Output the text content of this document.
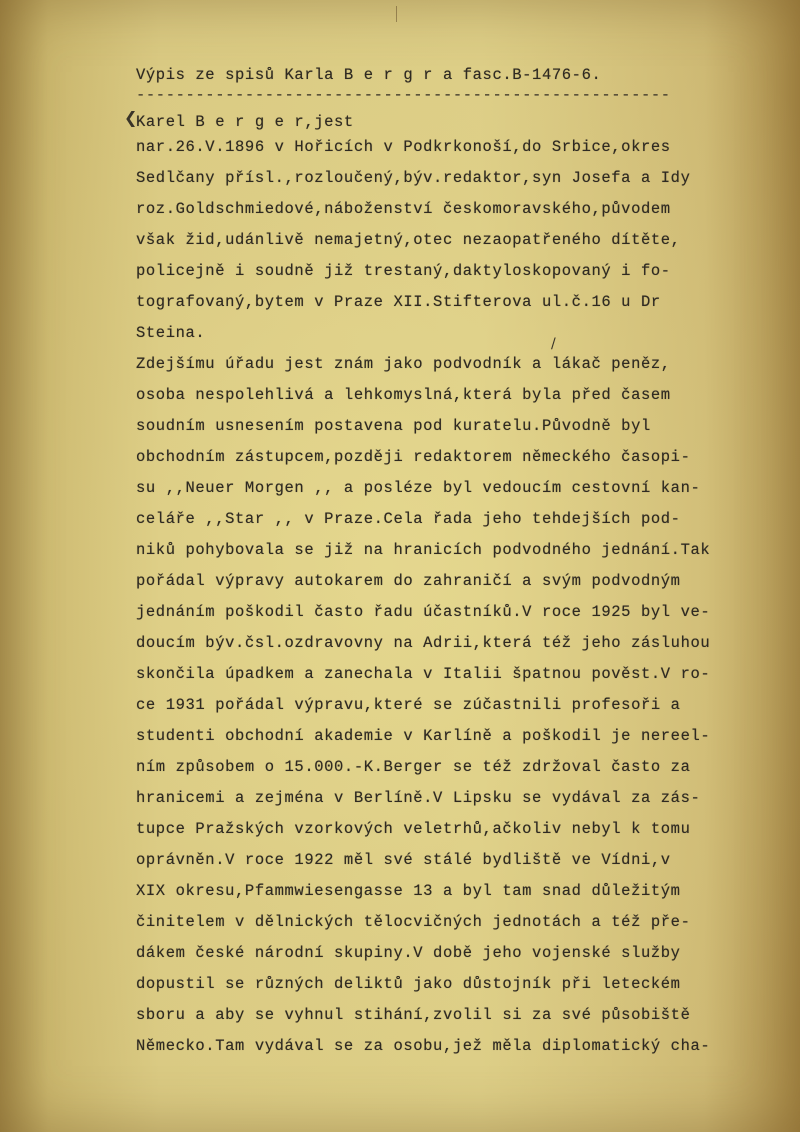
Výpis ze spisů Karla B e r g r a fasc.B-1476-6.
------------------------------------------------------
❮
/
Karel B e r g e r,jest
nar.26.V.1896 v Hořicích v Podkrkonoší,do Srbice,okres
Sedlčany přísl.,rozloučený,býv.redaktor,syn Josefa a Idy
roz.Goldschmiedové,náboženství českomoravského,původem
však žid,udánlivě nemajetný,otec nezaopatřeného dítěte,
policejně i soudně již trestaný,daktyloskopovaný i fo-
tografovaný,bytem v Praze XII.Stifterova ul.č.16 u Dr
Steina.
Zdejšímu úřadu jest znám jako podvodník a lákač peněz,
osoba nespolehlivá a lehkomyslná,která byla před časem
soudním usnesením postavena pod kuratelu.Původně byl
obchodním zástupcem,později redaktorem německého časopi-
su ,,Neuer Morgen ,, a posléze byl vedoucím cestovní kan-
celáře ,,Star ,, v Praze.Cela řada jeho tehdejších pod-
niků pohybovala se již na hranicích podvodného jednání.Tak
pořádal výpravy autokarem do zahraničí a svým podvodným
jednáním poškodil často řadu účastníků.V roce 1925 byl ve-
doucím býv.čsl.ozdravovny na Adrii,která též jeho zásluhou
skončila úpadkem a zanechala v Italii špatnou pověst.V ro-
ce 1931 pořádal výpravu,které se zúčastnili profesoři a
studenti obchodní akademie v Karlíně a poškodil je nereel-
ním způsobem o 15.000.-K.Berger se též zdržoval často za
hranicemi a zejména v Berlíně.V Lipsku se vydával za zás-
tupce Pražských vzorkových veletrhů,ačkoliv nebyl k tomu
oprávněn.V roce 1922 měl své stálé bydliště ve Vídni,v
XIX okresu,Pfammwiesengasse 13 a byl tam snad důležitým
činitelem v dělnických tělocvičných jednotách a též pře-
dákem české národní skupiny.V době jeho vojenské služby
dopustil se různých deliktů jako důstojník při leteckém
sboru a aby se vyhnul stihání,zvolil si za své působiště
Německo.Tam vydával se za osobu,jež měla diplomatický cha-
